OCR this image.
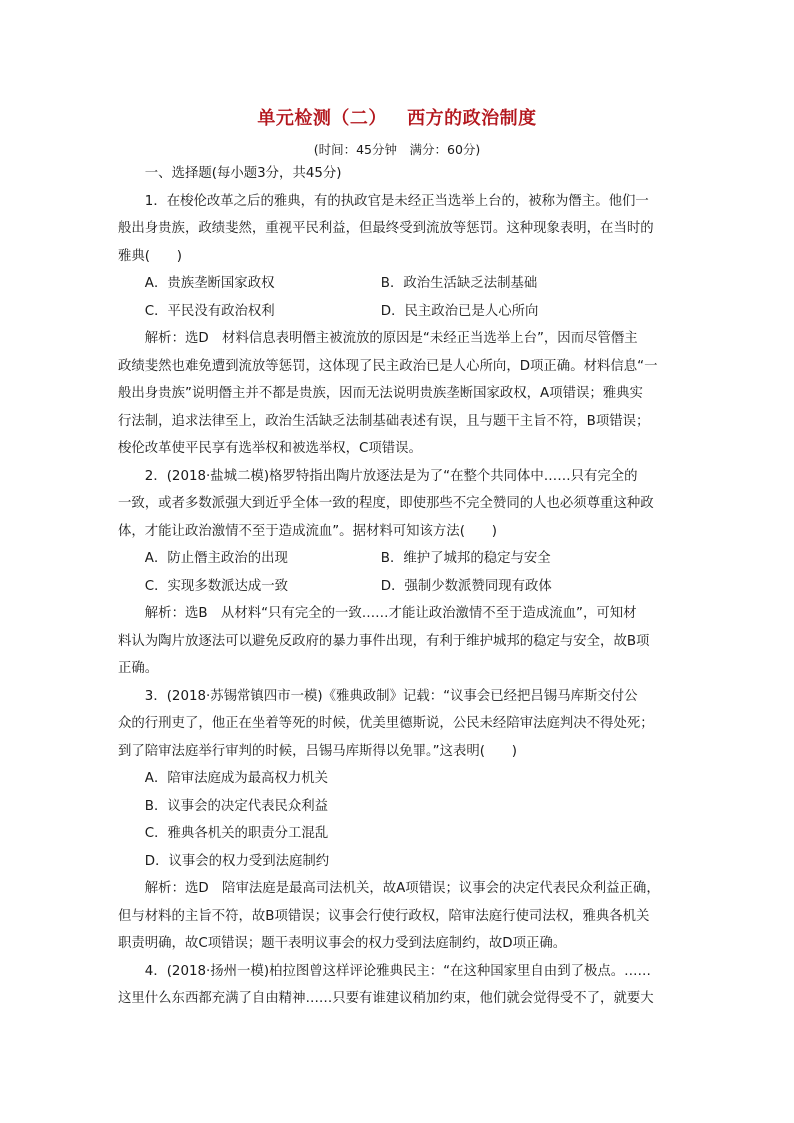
单元检测（二）   西方的政治制度
(时间：45分钟　满分：60分)

一、选择题(每小题3分，共45分)

1．在梭伦改革之后的雅典，有的执政官是未经正当选举上台的，被称为僭主。他们一

般出身贵族，政绩斐然，重视平民利益，但最终受到流放等惩罚。这种现象表明，在当时的

雅典(　　)

A．贵族垄断国家政权	B．政治生活缺乏法制基础
C．平民没有政治权利	D．民主政治已是人心所向

解析：选D　材料信息表明僭主被流放的原因是“未经正当选举上台”，因而尽管僭主

政绩斐然也难免遭到流放等惩罚，这体现了民主政治已是人心所向，D项正确。材料信息“一

般出身贵族”说明僭主并不都是贵族，因而无法说明贵族垄断国家政权，A项错误；雅典实

行法制，追求法律至上，政治生活缺乏法制基础表述有误，且与题干主旨不符，B项错误；

梭伦改革使平民享有选举权和被选举权，C项错误。

2．(2018·盐城二模)格罗特指出陶片放逐法是为了“在整个共同体中……只有完全的

一致，或者多数派强大到近乎全体一致的程度，即使那些不完全赞同的人也必须尊重这种政

体，才能让政治激情不至于造成流血”。据材料可知该方法(　　)

A．防止僭主政治的出现	B．维护了城邦的稳定与安全
C．实现多数派达成一致	D．强制少数派赞同现有政体

解析：选B　从材料“只有完全的一致……才能让政治激情不至于造成流血”，可知材

料认为陶片放逐法可以避免反政府的暴力事件出现，有利于维护城邦的稳定与安全，故B项

正确。

3．(2018·苏锡常镇四市一模)《雅典政制》记载：“议事会已经把吕锡马库斯交付公

众的行刑吏了，他正在坐着等死的时候，优美里德斯说，公民未经陪审法庭判决不得处死；

到了陪审法庭举行审判的时候，吕锡马库斯得以免罪。”这表明(　　)

A．陪审法庭成为最高权力机关
B．议事会的决定代表民众利益
C．雅典各机关的职责分工混乱
D．议事会的权力受到法庭制约

解析：选D　陪审法庭是最高司法机关，故A项错误；议事会的决定代表民众利益正确，

但与材料的主旨不符，故B项错误；议事会行使行政权，陪审法庭行使司法权，雅典各机关

职责明确，故C项错误；题干表明议事会的权力受到法庭制约，故D项正确。

4．(2018·扬州一模)柏拉图曾这样评论雅典民主：“在这种国家里自由到了极点。……

这里什么东西都充满了自由精神……只要有谁建议稍加约束，他们就会觉得受不了，就要大
